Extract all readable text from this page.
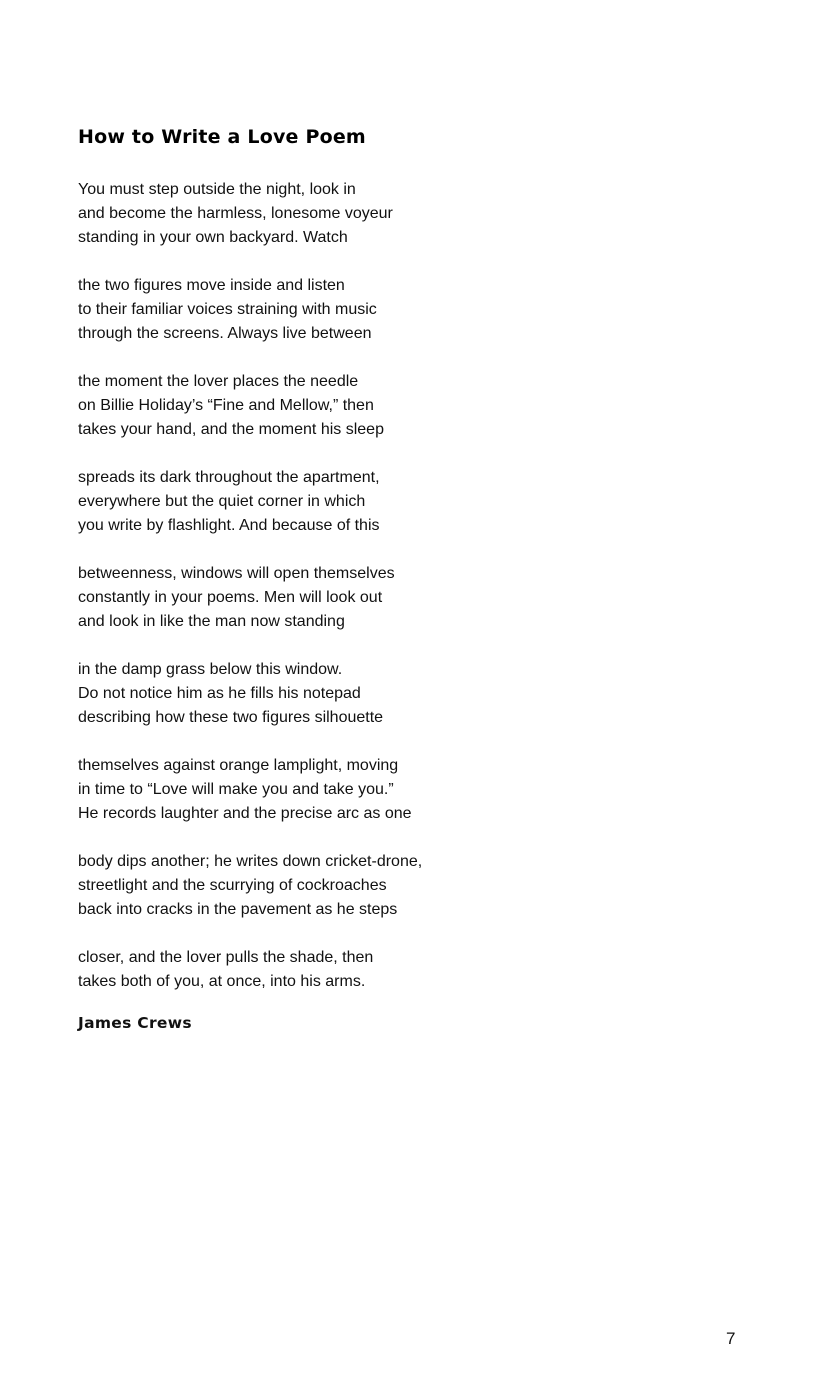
How to Write a Love Poem
You must step outside the night, look in
and become the harmless, lonesome voyeur
standing in your own backyard. Watch
the two figures move inside and listen
to their familiar voices straining with music
through the screens. Always live between
the moment the lover places the needle
on Billie Holiday’s “Fine and Mellow,” then
takes your hand, and the moment his sleep
spreads its dark throughout the apartment,
everywhere but the quiet corner in which
you write by flashlight. And because of this
betweenness, windows will open themselves
constantly in your poems. Men will look out
and look in like the man now standing
in the damp grass below this window.
Do not notice him as he fills his notepad
describing how these two figures silhouette
themselves against orange lamplight, moving
in time to “Love will make you and take you.”
He records laughter and the precise arc as one
body dips another; he writes down cricket-drone,
streetlight and the scurrying of cockroaches
back into cracks in the pavement as he steps
closer, and the lover pulls the shade, then
takes both of you, at once, into his arms.

James Crews

7
